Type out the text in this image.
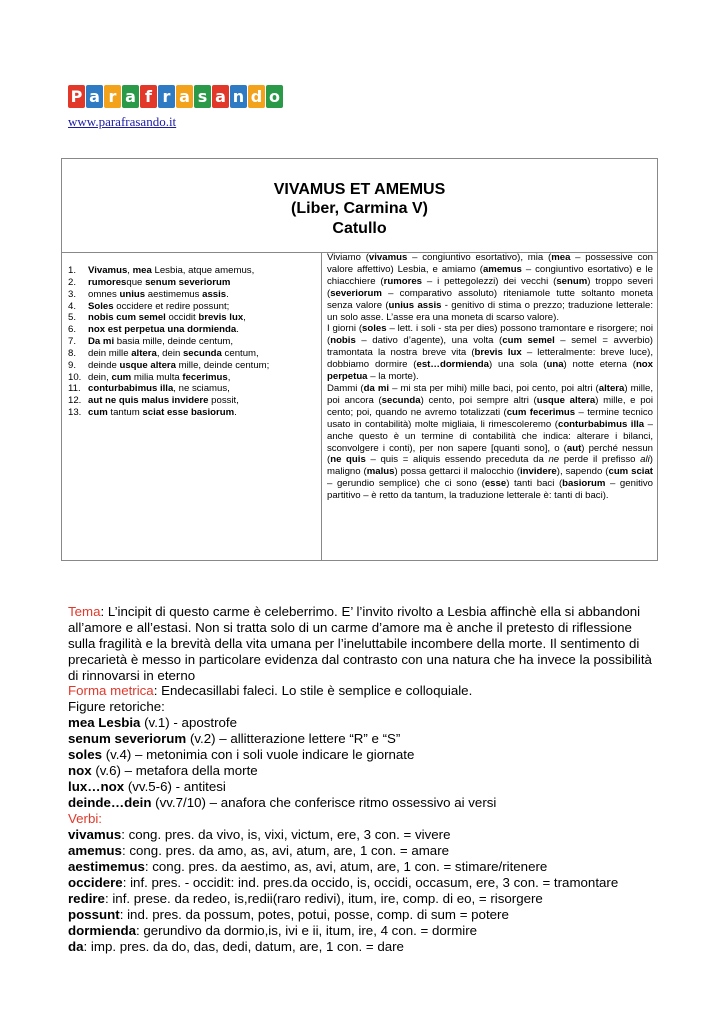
P a r a f r a s a n d o
www.parafrasando.it
VIVAMUS ET AMEMUS
(Liber, Carmina V)
Catullo
1.	Vivamus, mea Lesbia, atque amemus,
2.	rumoresque senum severiorum
3.	omnes unius aestimemus assis.
4.	Soles occidere et redire possunt;
5.	nobis cum semel occidit brevis lux,
6.	nox est perpetua una dormienda.
7.	Da mi basia mille, deinde centum,
8.	dein mille altera, dein secunda centum,
9.	deinde usque altera mille, deinde centum;
10. dein, cum milia multa fecerimus,
11. conturbabimus illa, ne sciamus,
12. aut ne quis malus invidere possit,
13. cum tantum sciat esse basiorum.

Viviamo (vivamus – congiuntivo esortativo), mia (mea – possessive con valore affettivo) Lesbia, e amiamo (amemus – congiuntivo esortativo) e le chiacchiere (rumores – i pettegolezzi) dei vecchi (senum) troppo severi (severiorum – comparativo assoluto) riteniamole tutte soltanto moneta senza valore (unius assis - genitivo di stima o prezzo; traduzione letterale: un solo asse. L’asse era una moneta di scarso valore).

I giorni (soles – lett. i soli - sta per dies) possono tramontare e risorgere; noi (nobis – dativo d’agente), una volta (cum semel – semel = avverbio) tramontata la nostra breve vita (brevis lux – letteralmente: breve luce), dobbiamo dormire (est…dormienda) una sola (una) notte eterna (nox perpetua – la morte).

Dammi (da mi – mi sta per mihi) mille baci, poi cento, poi altri (altera) mille, poi ancora (secunda) cento, poi sempre altri (usque altera) mille, e poi cento; poi, quando ne avremo totalizzati (cum fecerimus – termine tecnico usato in contabilità) molte migliaia, li rimescoleremo (conturbabimus illa – anche questo è un termine di contabilità che indica: alterare i bilanci, sconvolgere i conti), per non sapere [quanti sono], o (aut) perché nessun (ne quis – quis = aliquis essendo preceduta da ne perde il prefisso ali) maligno (malus) possa gettarci il malocchio (invidere), sapendo (cum sciat – gerundio semplice) che ci sono (esse) tanti baci (basiorum – genitivo partitivo – è retto da tantum, la traduzione letterale è: tanti di baci).

Tema: L’incipit di questo carme è celeberrimo. E’ l’invito rivolto a Lesbia affinchè ella si abbandoni all’amore e all’estasi. Non si tratta solo di un carme d’amore ma è anche il pretesto di riflessione sulla fragilità e la brevità della vita umana per l’ineluttabile incombere della morte. Il sentimento di precarietà è messo in particolare evidenza dal contrasto con una natura che ha invece la possibilità di rinnovarsi in eterno
Forma metrica: Endecasillabi faleci. Lo stile è semplice e colloquiale.
Figure retoriche:
mea Lesbia (v.1) - apostrofe
senum severiorum (v.2) – allitterazione lettere “R” e “S”
soles (v.4) – metonimia con i soli vuole indicare le giornate
nox (v.6) – metafora della morte
lux…nox (vv.5-6) - antitesi
deinde…dein (vv.7/10) – anafora che conferisce ritmo ossessivo ai versi
Verbi:
vivamus: cong. pres. da vivo, is, vixi, victum, ere, 3 con. = vivere
amemus: cong. pres. da amo, as, avi, atum, are, 1 con. = amare
aestimemus: cong. pres. da aestimo, as, avi, atum, are, 1 con. = stimare/ritenere
occidere: inf. pres. - occidit: ind. pres.da occido, is, occidi, occasum, ere, 3 con. = tramontare
redire: inf. prese. da redeo, is,redii(raro redivi), itum, ire, comp. di eo, = risorgere
possunt: ind. pres. da possum, potes, potui, posse, comp. di sum = potere
dormienda: gerundivo da dormio,is, ivi e ii, itum, ire, 4 con. = dormire
da: imp. pres. da do, das, dedi, datum, are, 1 con. = dare
